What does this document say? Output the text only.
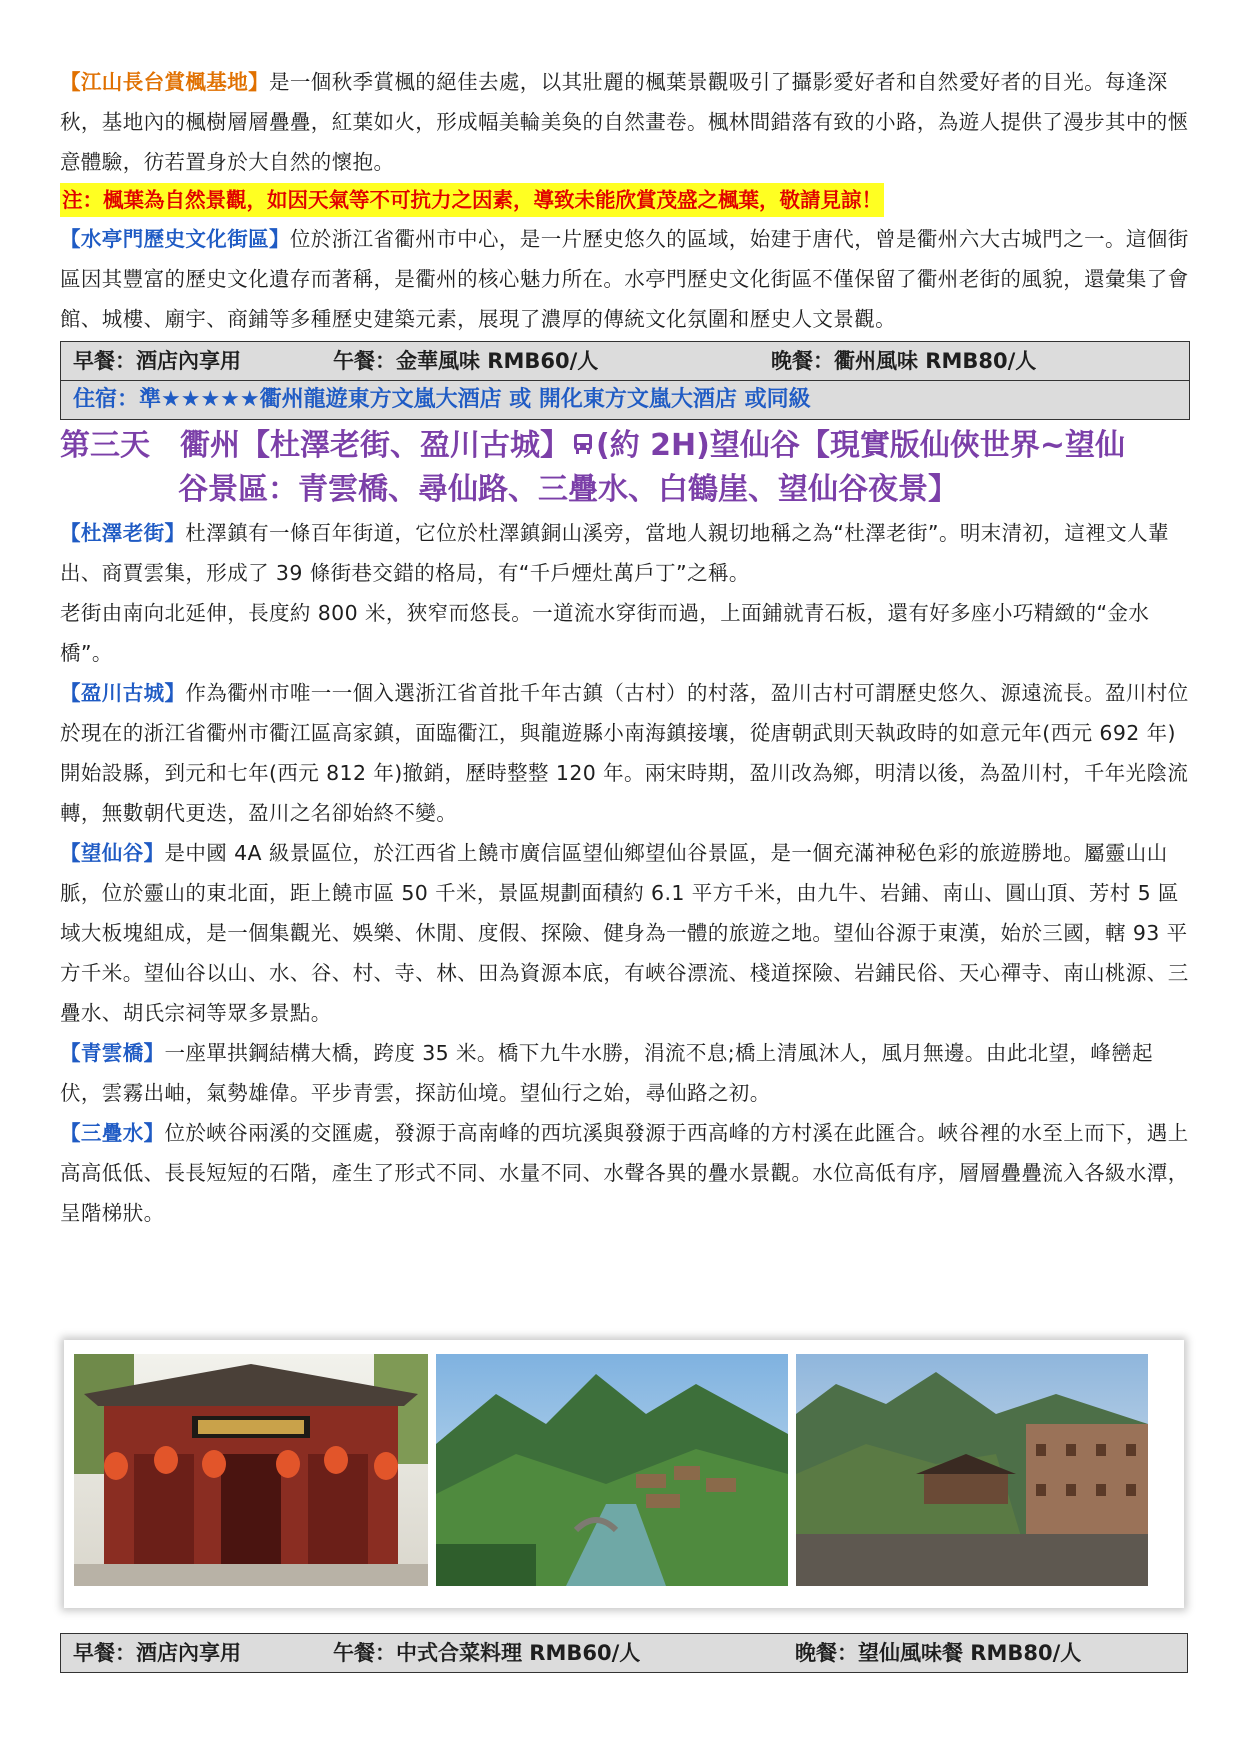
【江山長台賞楓基地】是一個秋季賞楓的絕佳去處，以其壯麗的楓葉景觀吸引了攝影愛好者和自然愛好者的目光。每逢深秋，基地內的楓樹層層疊疊，紅葉如火，形成幅美輪美奐的自然畫卷。楓林間錯落有致的小路，為遊人提供了漫步其中的愜意體驗，彷若置身於大自然的懷抱。

注：楓葉為自然景觀，如因天氣等不可抗力之因素，導致未能欣賞茂盛之楓葉，敬請見諒！

【水亭門歷史文化街區】位於浙江省衢州市中心，是一片歷史悠久的區域，始建于唐代，曾是衢州六大古城門之一。這個街區因其豐富的歷史文化遺存而著稱，是衢州的核心魅力所在。水亭門歷史文化街區不僅保留了衢州老街的風貌，還彙集了會館、城樓、廟宇、商鋪等多種歷史建築元素，展現了濃厚的傳統文化氛圍和歷史人文景觀。

早餐：酒店內享用	午餐：金華風味 RMB60/人	晚餐：衢州風味 RMB80/人
住宿：準★★★★★衢州龍遊東方文嵐大酒店 或 開化東方文嵐大酒店 或同級
第三天　衢州【杜澤老街、盈川古城】 (約 2H)望仙谷【現實版仙俠世界~望仙
谷景區：青雲橋、尋仙路、三疊水、白鶴崖、望仙谷夜景】

【杜澤老街】杜澤鎮有一條百年街道，它位於杜澤鎮銅山溪旁，當地人親切地稱之為“杜澤老街”。明末清初，這裡文人輩出、商賈雲集，形成了 39 條街巷交錯的格局，有“千戶煙灶萬戶丁”之稱。

老街由南向北延伸，長度約 800 米，狹窄而悠長。一道流水穿街而過，上面鋪就青石板，還有好多座小巧精緻的“金水橋”。

【盈川古城】作為衢州市唯一一個入選浙江省首批千年古鎮（古村）的村落，盈川古村可謂歷史悠久、源遠流長。盈川村位於現在的浙江省衢州市衢江區高家鎮，面臨衢江，與龍遊縣小南海鎮接壤，從唐朝武則天執政時的如意元年(西元 692 年)開始設縣，到元和七年(西元 812 年)撤銷，歷時整整 120 年。兩宋時期，盈川改為鄉，明清以後，為盈川村，千年光陰流轉，無數朝代更迭，盈川之名卻始終不變。

【望仙谷】是中國 4A 級景區位，於江西省上饒市廣信區望仙鄉望仙谷景區，是一個充滿神秘色彩的旅遊勝地。屬靈山山脈，位於靈山的東北面，距上饒市區 50 千米，景區規劃面積約 6.1 平方千米，由九牛、岩鋪、南山、圓山頂、芳村 5 區域大板塊組成，是一個集觀光、娛樂、休閒、度假、探險、健身為一體的旅遊之地。望仙谷源于東漢，始於三國，轄 93 平方千米。望仙谷以山、水、谷、村、寺、林、田為資源本底，有峽谷漂流、棧道探險、岩鋪民俗、天心禪寺、南山桃源、三疊水、胡氏宗祠等眾多景點。

【青雲橋】一座單拱鋼結構大橋，跨度 35 米。橋下九牛水勝，涓流不息;橋上清風沐人，風月無邊。由此北望，峰巒起伏，雲霧出岫，氣勢雄偉。平步青雲，探訪仙境。望仙行之始，尋仙路之初。

【三疊水】位於峽谷兩溪的交匯處，發源于高南峰的西坑溪與發源于西高峰的方村溪在此匯合。峽谷裡的水至上而下，遇上高高低低、長長短短的石階，產生了形式不同、水量不同、水聲各異的疊水景觀。水位高低有序，層層疊疊流入各級水潭，呈階梯狀。

早餐：酒店內享用	午餐：中式合菜料理 RMB60/人	晚餐：望仙風味餐 RMB80/人
